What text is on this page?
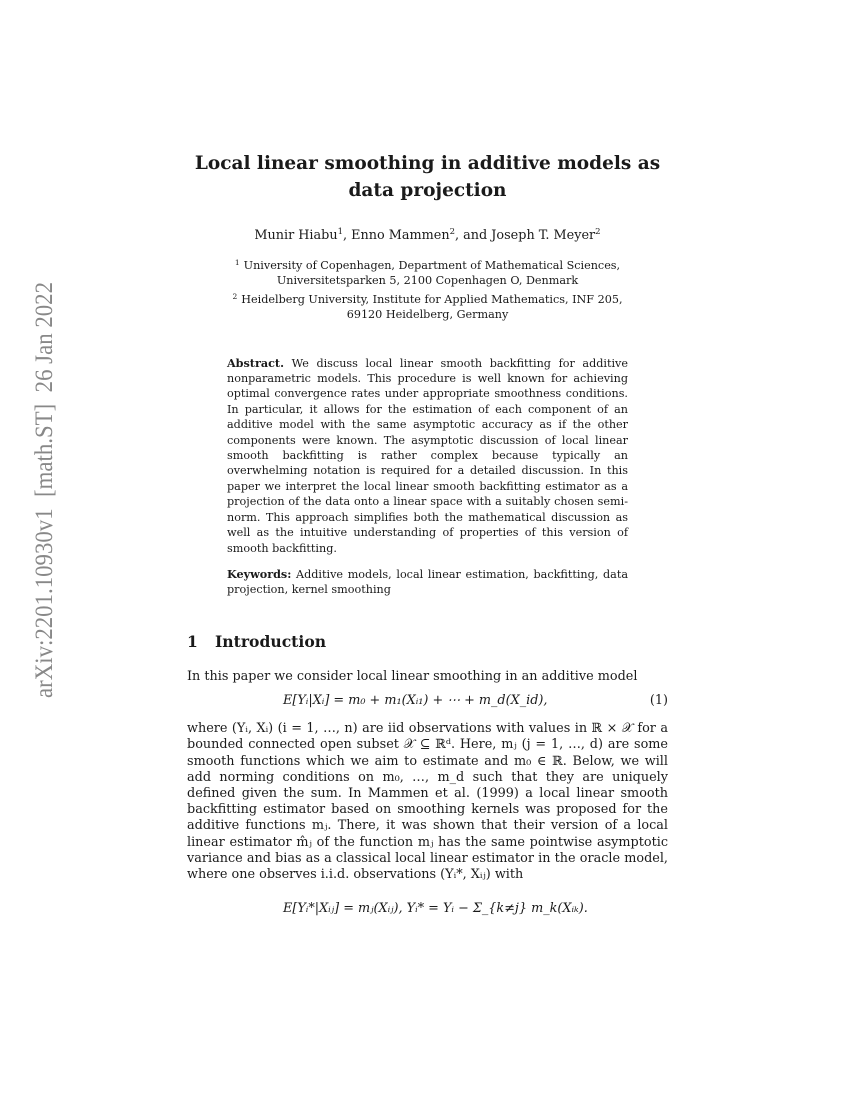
arXiv:2201.10930v1  [math.ST]  26 Jan 2022
Local linear smoothing in additive models as
data projection
Munir Hiabu$^1$, Enno Mammen$^2$, and Joseph T. Meyer$^2$
$^1$ University of Copenhagen, Department of Mathematical Sciences,
Universitetsparken 5, 2100 Copenhagen O, Denmark
$^2$ Heidelberg University, Institute for Applied Mathematics, INF 205,
69120 Heidelberg, Germany
Abstract. We discuss local linear smooth backfitting for additive nonparametric models. This procedure is well known for achieving optimal convergence rates under appropriate smoothness conditions. In particular, it allows for the estimation of each component of an additive model with the same asymptotic accuracy as if the other components were known. The asymptotic discussion of local linear smooth backfitting is rather complex because typically an overwhelming notation is required for a detailed discussion. In this paper we interpret the local linear smooth backfitting estimator as a projection of the data onto a linear space with a suitably chosen semi-norm. This approach simplifies both the mathematical discussion as well as the intuitive understanding of properties of this version of smooth backfitting.
Keywords: Additive models, local linear estimation, backfitting, data projection, kernel smoothing
1	Introduction
In this paper we consider local linear smoothing in an additive model
E[Yᵢ|Xᵢ] = m₀ + m₁(Xᵢ₁) + ⋯ + m_d(X_id),	(1)
where (Yᵢ, Xᵢ) (i = 1, …, n) are iid observations with values in ℝ × 𝒳 for a bounded connected open subset 𝒳 ⊆ ℝᵈ. Here, mⱼ (j = 1, …, d) are some smooth functions which we aim to estimate and m₀ ∈ ℝ. Below, we will add norming conditions on m₀, …, m_d such that they are uniquely defined given the sum. In Mammen et al. (1999) a local linear smooth backfitting estimator based on smoothing kernels was proposed for the additive functions mⱼ. There, it was shown that their version of a local linear estimator m̂ⱼ of the function mⱼ has the same pointwise asymptotic variance and bias as a classical local linear estimator in the oracle model, where one observes i.i.d. observations (Yᵢ*, Xᵢⱼ) with
E[Yᵢ*|Xᵢⱼ] = mⱼ(Xᵢⱼ), Yᵢ* = Yᵢ − Σ_{k≠j} m_k(Xᵢₖ).
